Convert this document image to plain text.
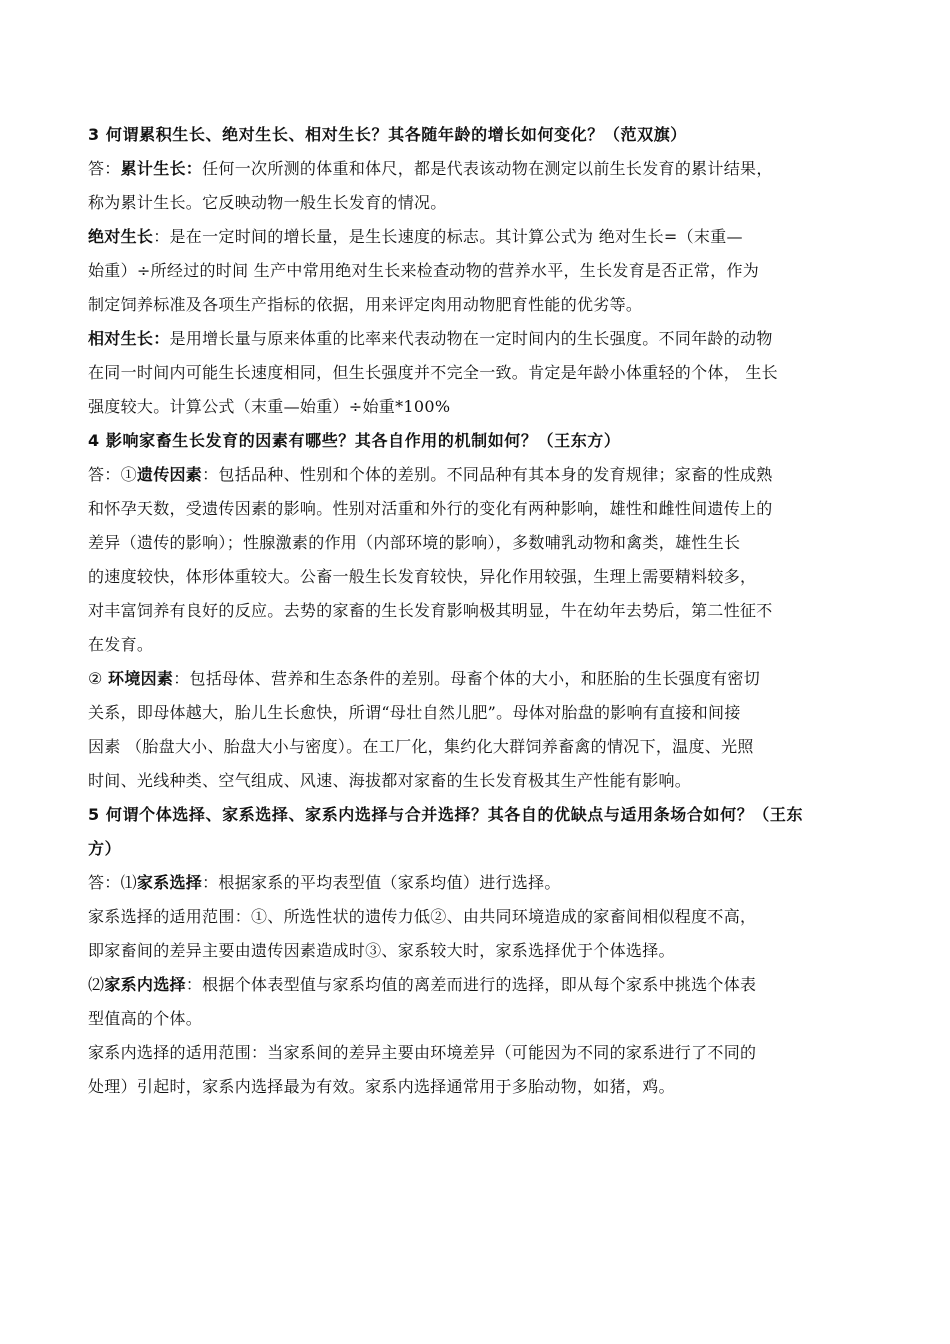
3 何谓累积生长、绝对生长、相对生长？其各随年龄的增长如何变化？（范双旗）
答：累计生长：任何一次所测的体重和体尺，都是代表该动物在测定以前生长发育的累计结果，
称为累计生长。它反映动物一般生长发育的情况。
绝对生长：是在一定时间的增长量，是生长速度的标志。其计算公式为 绝对生长=（末重—
始重）÷所经过的时间 生产中常用绝对生长来检查动物的营养水平，生长发育是否正常，作为
制定饲养标准及各项生产指标的依据，用来评定肉用动物肥育性能的优劣等。
相对生长：是用增长量与原来体重的比率来代表动物在一定时间内的生长强度。不同年龄的动物
在同一时间内可能生长速度相同，但生长强度并不完全一致。肯定是年龄小体重轻的个体， 生长
强度较大。计算公式（末重—始重）÷始重*100%
4 影响家畜生长发育的因素有哪些？其各自作用的机制如何？（王东方）
答：①遗传因素：包括品种、性别和个体的差别。不同品种有其本身的发育规律；家畜的性成熟
和怀孕天数，受遗传因素的影响。性别对活重和外行的变化有两种影响，雄性和雌性间遗传上的
差异（遗传的影响）；性腺激素的作用（内部环境的影响），多数哺乳动物和禽类，雄性生长
的速度较快，体形体重较大。公畜一般生长发育较快，异化作用较强，生理上需要精料较多，
对丰富饲养有良好的反应。去势的家畜的生长发育影响极其明显，牛在幼年去势后，第二性征不
在发育。
② 环境因素：包括母体、营养和生态条件的差别。母畜个体的大小，和胚胎的生长强度有密切
关系，即母体越大，胎儿生长愈快，所谓“母壮自然儿肥”。母体对胎盘的影响有直接和间接
因素 （胎盘大小、胎盘大小与密度）。在工厂化，集约化大群饲养畜禽的情况下，温度、光照
时间、光线种类、空气组成、风速、海拔都对家畜的生长发育极其生产性能有影响。
5 何谓个体选择、家系选择、家系内选择与合并选择？其各自的优缺点与适用条场合如何？（王东
方）
答：⑴家系选择：根据家系的平均表型值（家系均值）进行选择。
家系选择的适用范围：①、所选性状的遗传力低②、由共同环境造成的家畜间相似程度不高，
即家畜间的差异主要由遗传因素造成时③、家系较大时，家系选择优于个体选择。
⑵家系内选择：根据个体表型值与家系均值的离差而进行的选择，即从每个家系中挑选个体表
型值高的个体。
家系内选择的适用范围：当家系间的差异主要由环境差异（可能因为不同的家系进行了不同的
处理）引起时，家系内选择最为有效。家系内选择通常用于多胎动物，如猪，鸡。
